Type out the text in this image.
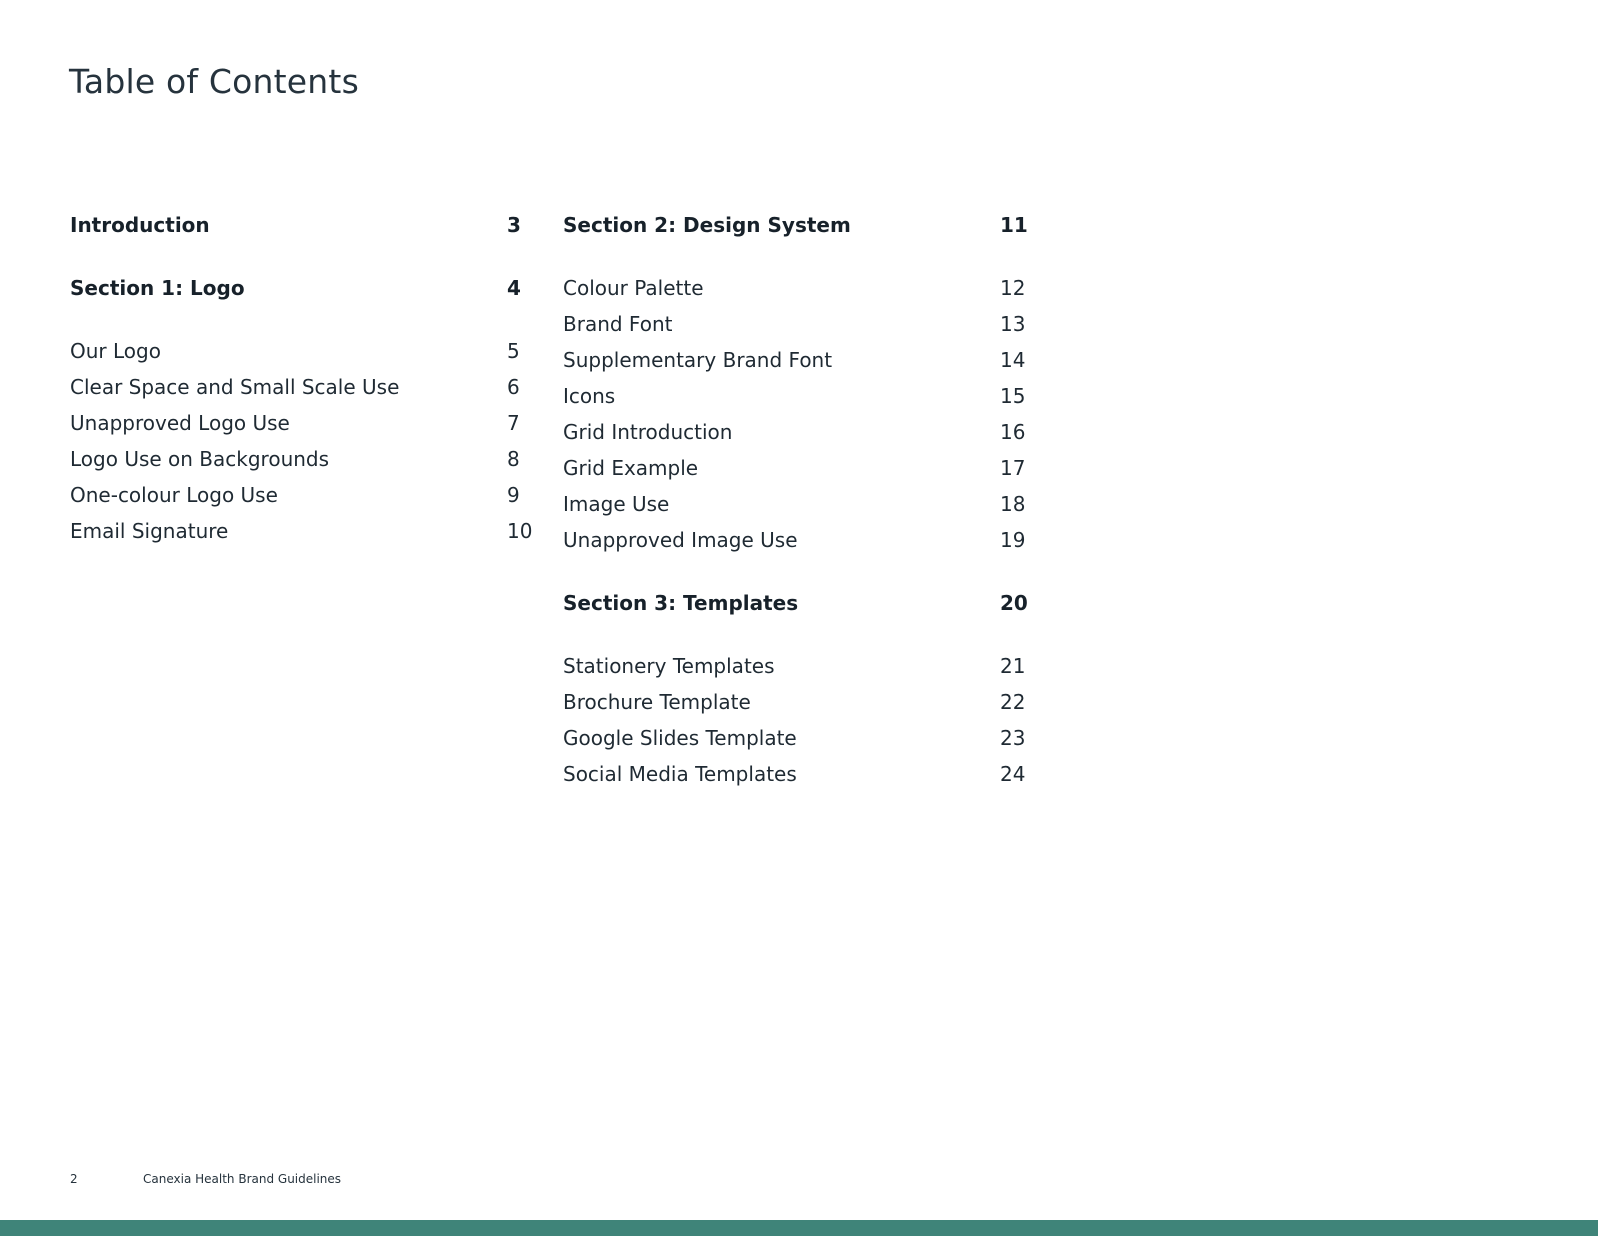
Table of Contents
Introduction	3
Section 1: Logo	4
Our Logo	5
Clear Space and Small Scale Use	6
Unapproved Logo Use	7
Logo Use on Backgrounds	8
One-colour Logo Use	9
Email Signature	10
Section 2: Design System	11
Colour Palette	12
Brand Font	13
Supplementary Brand Font	14
Icons	15
Grid Introduction	16
Grid Example	17
Image Use	18
Unapproved Image Use	19
Section 3: Templates	20
Stationery Templates	21
Brochure Template	22
Google Slides Template	23
Social Media Templates	24
2	Canexia Health Brand Guidelines
